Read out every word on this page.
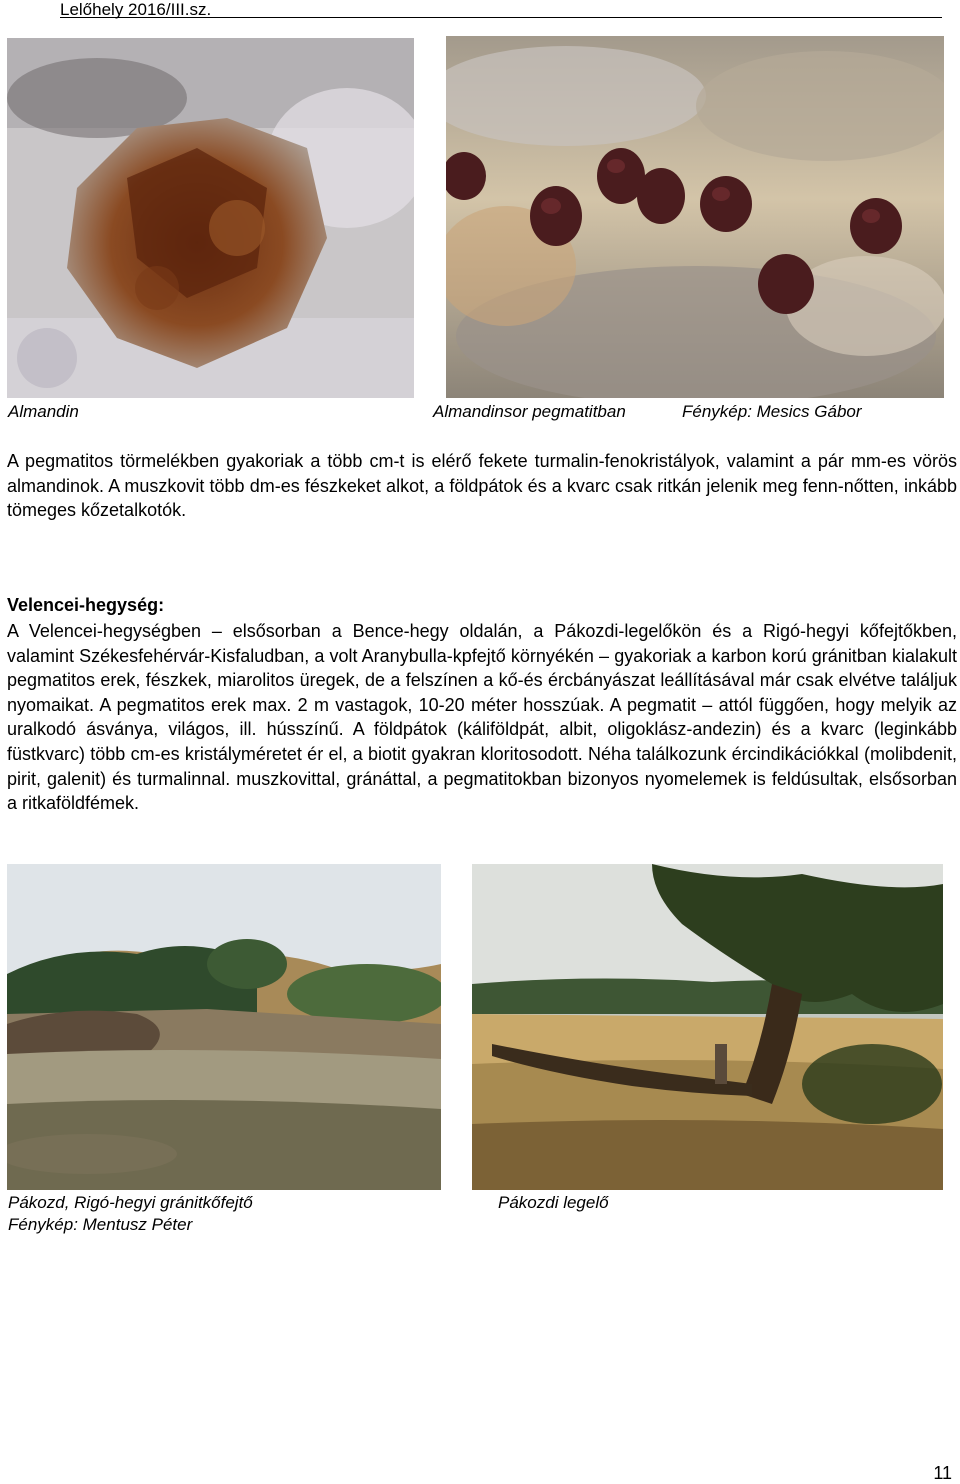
Lelőhely 2016/III.sz.
Almandin	Almandinsor pegmatitban	Fénykép: Mesics Gábor
A pegmatitos törmelékben gyakoriak a több cm-t is elérő fekete turmalin-fenokristályok, valamint a pár mm-es vörös almandinok. A muszkovit több dm-es fészkeket alkot, a földpátok és a kvarc csak ritkán jelenik meg fenn-nőtten, inkább tömeges kőzetalkotók.
Velencei-hegység:
A Velencei-hegységben – elsősorban a Bence-hegy oldalán, a Pákozdi-legelőkön és a Rigó-hegyi kőfejtőkben, valamint Székesfehérvár-Kisfaludban, a volt Aranybulla-kpfejtő környékén – gyakoriak a karbon korú gránitban kialakult pegmatitos erek, fészkek, miarolitos üregek, de a felszínen a kő-és ércbányászat leállításával már csak elvétve találjuk nyomaikat. A pegmatitos erek max. 2 m vastagok, 10-20 méter hosszúak. A pegmatit – attól függően, hogy melyik az uralkodó ásványa, világos, ill. hússzínű. A földpátok (káliföldpát, albit, oligoklász-andezin) és a kvarc (leginkább füstkvarc) több cm-es kristályméretet ér el, a biotit gyakran kloritosodott. Néha találkozunk ércindikációkkal (molibdenit, pirit, galenit) és turmalinnal. muszkovittal, gránáttal, a pegmatitokban bizonyos nyomelemek is feldúsultak, elsősorban a ritkaföldfémek.
Pákozd, Rigó-hegyi gránitkőfejtő
Fénykép: Mentusz Péter
Pákozdi legelő
11
